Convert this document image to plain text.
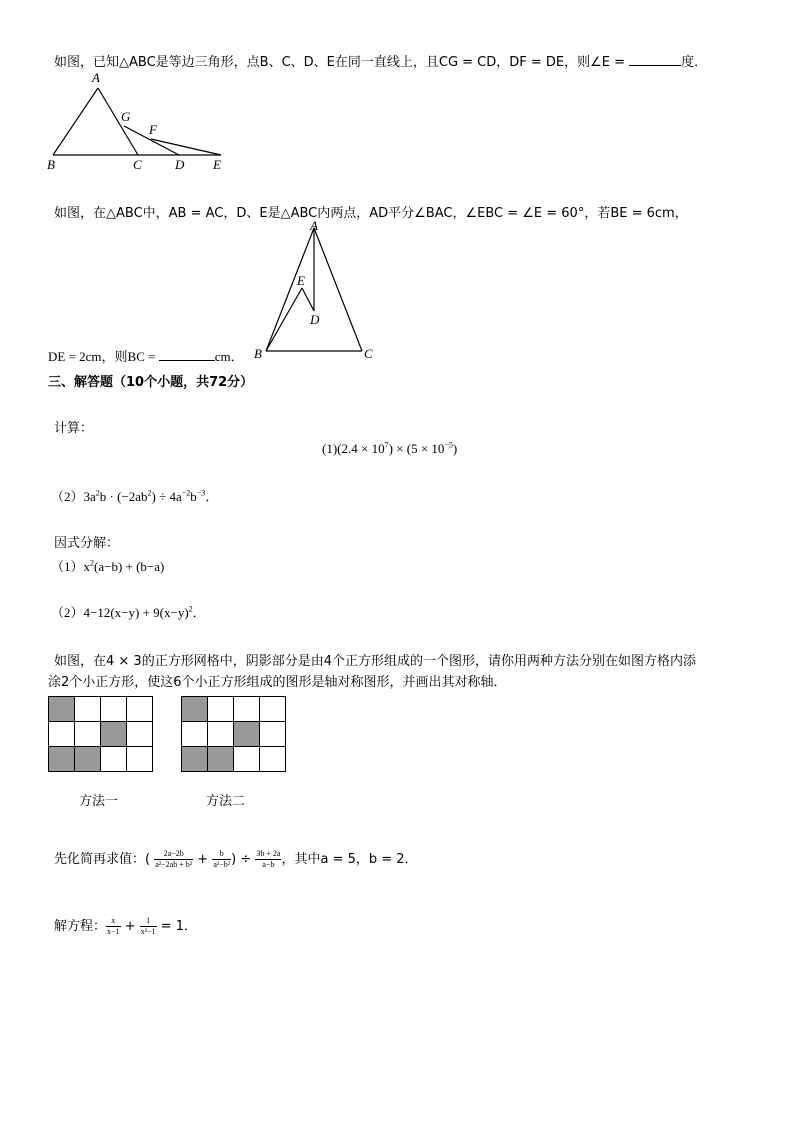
如图，已知△ABC是等边三角形，点B、C、D、E在同一直线上，且CG = CD，DF = DE，则∠E =	度．
A
B	C	D E
F
G
如图，在△ABC中，AB = AC，D、E是△ABC内两点，AD平分∠BAC，∠EBC = ∠E = 60°，若BE = 6cm，
A
B	C
D
E
DE = 2cm，则BC =	cm．
三、解答题（10个小题，共72分）
计算：
$(1)(2.4 \times 10^7) \times (5 \times 10^{-5})$
$(2)3a^2b \cdot (-2ab^2) \div 4a^{-2}b^{-3}$．
因式分解：
$(1)x^2(a-b) + (b-a)$
$(2)4-12(x-y) + 9(x-y)^2$．
如图，在4 × 3的正方形网格中，阴影部分是由4个正方形组成的一个图形，请你用两种方法分别在如图方格内添
涂2个小正方形，使这6个小正方形组成的图形是轴对称图形，并画出其对称轴．

方法一	方法二
先化简再求值：( $\frac{2a-2b}{\text{a²−2ab + b²}} + \frac{b}{\text{a²−b²}}$ ) ÷ $\frac{3b + 2a}{a-b}$ ，其中a = 5，b = 2．
解方程： $\frac{x}{x-1} + \frac{1}{\text{x²−1}} = 1$．
